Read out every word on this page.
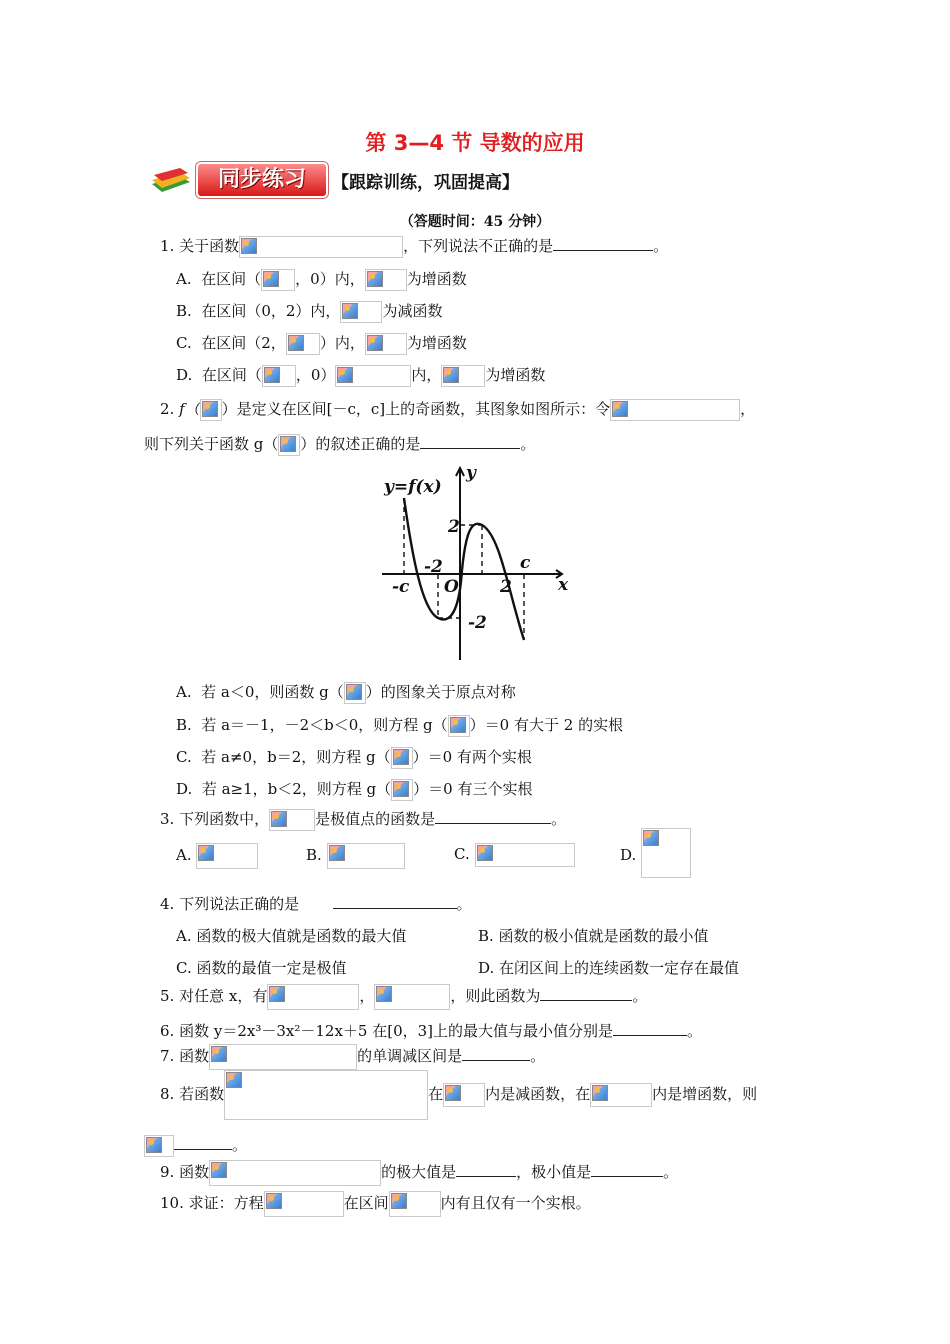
第 3—4 节 导数的应用
同步练习	【跟踪训练，巩固提高】
（答题时间：45 分钟）
1. 关于函数	，下列说法不正确的是	。
A. 在区间（ ，0）内，	为增函数
B. 在区间（0，2）内，	为减函数
C. 在区间（2， ）内，	为增函数
D. 在区间（ ，0）	内，	为增函数
2. f（ ）是定义在区间[－c，c]上的奇函数，其图象如图所示：令	，
则下列关于函数 g（ ）的叙述正确的是	。
y=f(x)
y
x
O
-c
-2
2
c
2
-2
A. 若 a＜0，则函数 g（ ）的图象关于原点对称
B. 若 a＝－1，－2＜b＜0，则方程 g（ ）＝0 有大于 2 的实根
C. 若 a≠0，b＝2，则方程 g（ ）＝0 有两个实根
D. 若 a≥1，b＜2，则方程 g（ ）＝0 有三个实根
3. 下列函数中，	是极值点的函数是	。
A.	B.	C.	D.
4. 下列说法正确的是	。
A. 函数的极大值就是函数的最大值	B. 函数的极小值就是函数的最小值
C. 函数的最值一定是极值	D. 在闭区间上的连续函数一定存在最值
5. 对任意 x，有	，	，则此函数为	。
6. 函数 y＝2x³－3x²－12x＋5 在[0，3]上的最大值与最小值分别是	。
7. 函数	的单调减区间是	。
8. 若函数	在	内是减函数，在	内是增函数，则
。
9. 函数	的极大值是	，极小值是	。
10. 求证：方程	在区间	内有且仅有一个实根。
